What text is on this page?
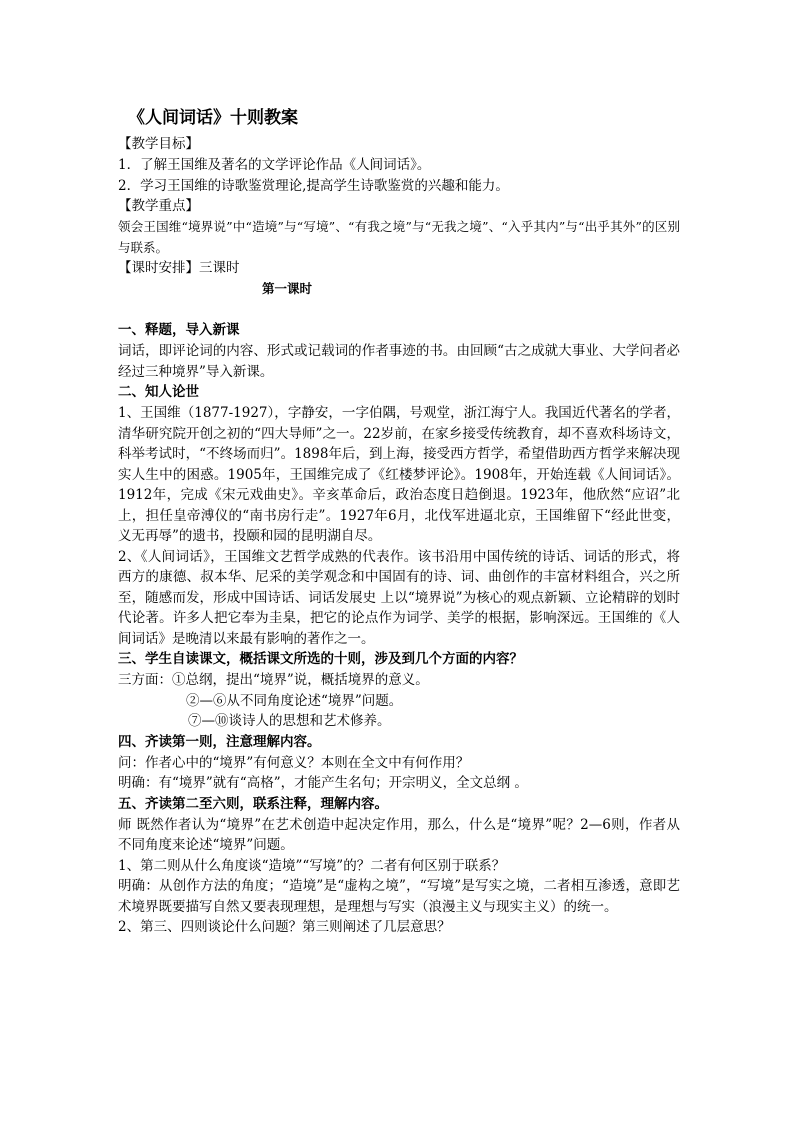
《人间词话》十则教案
【教学目标】
1．了解王国维及著名的文学评论作品《人间词话》。
2．学习王国维的诗歌鉴赏理论,提高学生诗歌鉴赏的兴趣和能力。
【教学重点】
领会王国维“境界说”中“造境”与“写境”、“有我之境”与“无我之境”、“入乎其内”与“出乎其外”的区别与联系。
【课时安排】三课时
第一课时
一、释题，导入新课
词话，即评论词的内容、形式或记载词的作者事迹的书。由回顾“古之成就大事业、大学问者必经过三种境界”导入新课。
二、知人论世
1、王国维（1877-1927），字静安，一字伯隅，号观堂，浙江海宁人。我国近代著名的学者，清华研究院开创之初的“四大导师”之一。22岁前，在家乡接受传统教育，却不喜欢科场诗文，科举考试时，“不终场而归”。1898年后，到上海，接受西方哲学，希望借助西方哲学来解决现实人生中的困惑。1905年，王国维完成了《红楼梦评论》。1908年，开始连载《人间词话》。1912年，完成《宋元戏曲史》。辛亥革命后，政治态度日趋倒退。1923年，他欣然“应诏”北上，担任皇帝溥仪的“南书房行走”。1927年6月，北伐军进逼北京，王国维留下“经此世变，义无再辱”的遗书，投颐和园的昆明湖自尽。
2、《人间词话》，王国维文艺哲学成熟的代表作。该书沿用中国传统的诗话、词话的形式，将西方的康德、叔本华、尼采的美学观念和中国固有的诗、词、曲创作的丰富材料组合，兴之所至，随感而发，形成中国诗话、词话发展史 上以“境界说”为核心的观点新颖、立论精辟的划时代论著。许多人把它奉为圭臬，把它的论点作为词学、美学的根据，影响深远。王国维的《人间词话》是晚清以来最有影响的著作之一。
三、学生自读课文，概括课文所选的十则，涉及到几个方面的内容？
三方面：①总纲，提出“境界”说，概括境界的意义。
②—⑥从不同角度论述“境界”问题。
⑦—⑩谈诗人的思想和艺术修养。
四、齐读第一则，注意理解内容。
问：作者心中的“境界”有何意义？本则在全文中有何作用？
明确：有“境界”就有“高格”，才能产生名句；开宗明义，全文总纲 。
五、齐读第二至六则，联系注释，理解内容。
师 既然作者认为“境界”在艺术创造中起决定作用，那么，什么是“境界”呢？2—6则，作者从不同角度来论述“境界”问题。
1、第二则从什么角度谈“造境”“写境”的？二者有何区别于联系？
明确：从创作方法的角度；“造境”是“虚构之境”，“写境”是写实之境，二者相互渗透，意即艺术境界既要描写自然又要表现理想，是理想与写实（浪漫主义与现实主义）的统一。
2、第三、四则谈论什么问题？第三则阐述了几层意思？
